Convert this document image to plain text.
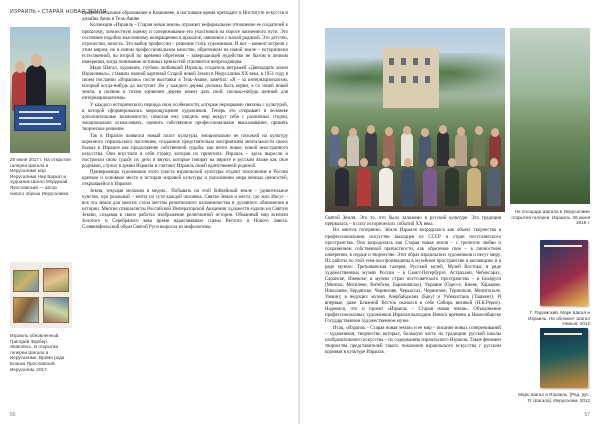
ИЗРАИЛЬ • СТАРАЯ НОВАЯ ЗЕМЛЯ
28 июня 2017 г. На открытии галереи Шагала в Иерусалиме мэр Иерусалима Нир Баркат и художник Шагал Мордехай Ярославский — автор нового образа Иерусалима.
Израиль обновленный. Григорий Фарбер. Живопись. В открытии галереи Шагала в Иерусалиме. Время рода Бланка Ярославской. Иерусалим. 2017.

профессиональное образование в Кишиневе, в настоящее время преподает в Институте искусств и дизайна Авни в Тель-Авиве.

Коллекция «Израиль – Старая новая земля» отражает неформальное отношение ее создателей к прошлому, личностную оценку и сопереживание его участников на пороге жизненного пути. Это состояние подобно мысленному возвращению в прошлое, связанное с малой родиной. Это детство, отрочество, юность. Это выбор профессии – решение стать художником. И вот – момент встречи с этим миром, но в новом профессиональном качестве, обретенном на новой земле – исторически естественной, во второй по времени обретения – завершающей иудейство не бытом в личном измерении, когда понимание истинных ценностей становится непреходящим.

Марк Шагал, художник, глубоко любивший Израиль, создатель витражей «Двенадцать колен Израилевых», ставших иконой картиной Старой новой Земли в Иерусалима ХХ века, в 1951 году в своем послании «Израилю» после выставки в Тель-Авиве, заметил: «Я – за интернационализм, который когда-нибудь да наступит. Но у каждого дерева должны быть корни, а со своей новой земли, в полном и тихом единении дерево может дать свой, сколько-нибудь ценный для интернационализма».

У каждого исторического периода свои особенности, которые неразрывно связаны с культурой, в которой сформировались мироощущение художников. Теперь это открывает в человеке дополнительные возможности, помогая ему увидеть мир вокруг себя с различных сторон, эмоционально осмысливать, оценить собственное профессиональное высказывание, принять творческое решение.

Так в Израиле появился новый пласт культуры, эмоционально не похожий на культуру коренного израильского населения, созданное предстоятельно восприятием ментальности своих былых в Израиле как продолжение собственной судьбы, как нечто новое, новой иностранного искусства. Они впустили в себя страну, которая их приютила. Израиль – здесь выросли и построили свою судьбу их дети и внуки, которые говорят на иврите и русском языке как свое родными, служат в армии Израиля и считают Израиль своей единственной родиной.

Приверженцы художников этого пласта израильской культуры отдают поклонение в России крепкое и основное место в истории мировой культуры и пополнении мира вечных ценностей, открывшейся в Израиле.

Земля, текущая молоком и медом... Побывать на этой библейской земле – удивительное чувство, про реальный – мечта по сути каждой человека. Святая Земля и места, где жил Иисус – вся эта земля для многих стала местом религиозного паломничества и духовного обновления в истории. Многие специалисты Российской Императорской Академии художеств ездили на Святую Землю, создавая в своих работах изображение религиозной истории. Обманный мир вселили Золотого и Серебряного века время нарисовавших сцены Ветхого и Нового Завета. Славянофильский образ Святой Руси выросла из мифологемы

56
На площади Шагала в Иерусалиме открытия галереи. Израиль. 26 июня 2018 г.

Святой Земли. Это то, что было заложено в русской культуре. Эта традиция прервалась – в силу исторических событий ХХ века.

Но мнится потерянно. Земля Израиля возродилась как объект творчества в профессиональном искусстве выходцев из СССР и стран постсоветского пространства. Она возродилась как Старая новая земля – с трепетом любви и сохранением собственной причастности, как обретение свое – в личностном измерении, в сердце и творчестве. Этот образ израильских художников и несут миру. Их работы по этой теме воспроизведены в музейном пространстве и коллекциях и в ряде музеях: Третьяковская галерея, Русский музей, Музей Востока; в ряде художественных музеях России – в Санкт-Петербурге, Астрахани, Чебоксарах, Саранске, Ижевске; в музеях стран постсоветского пространства – в Беларуси (Минске, Могилеве, Витебске, Барановичах), Украине (Одессе, Киеве, Харькове, Николаеве, Бердянске, Чернигове, Черкассах, Чернигове, Тернополе, Мелитополе, Умани); в ведущих музеях Азербайджана (Баку) и Узбекистана (Ташкент). И впервые, даже Ближний Восток оказался в себе Сибирь великой (Н.К.Рерих). Надеемся, что и проект «Израиль – Старая новая земля». Объединение профессиональных художников Израиля выходцев Нового времени в Новосибирске Государственном художественном музее.

Итак, «Израиль – Старая новая земля» и ее мир – писание новых сопереживаний – художников, творчество которых, большую часть их традицию русской школы изобразительного искусства – по содержанию израильского Израиля. Такие феномен творчества представителей такого поколения израильского искусства с русским корнями в культуре Израиля.

Г. Радомский. Марк Шагал и Израиль. На обложке: Шагал Немыя. 2012
Марк Шагал и Израиль. [Ред. рус. Я. Шагала]. Иерусалим. 2012
57
